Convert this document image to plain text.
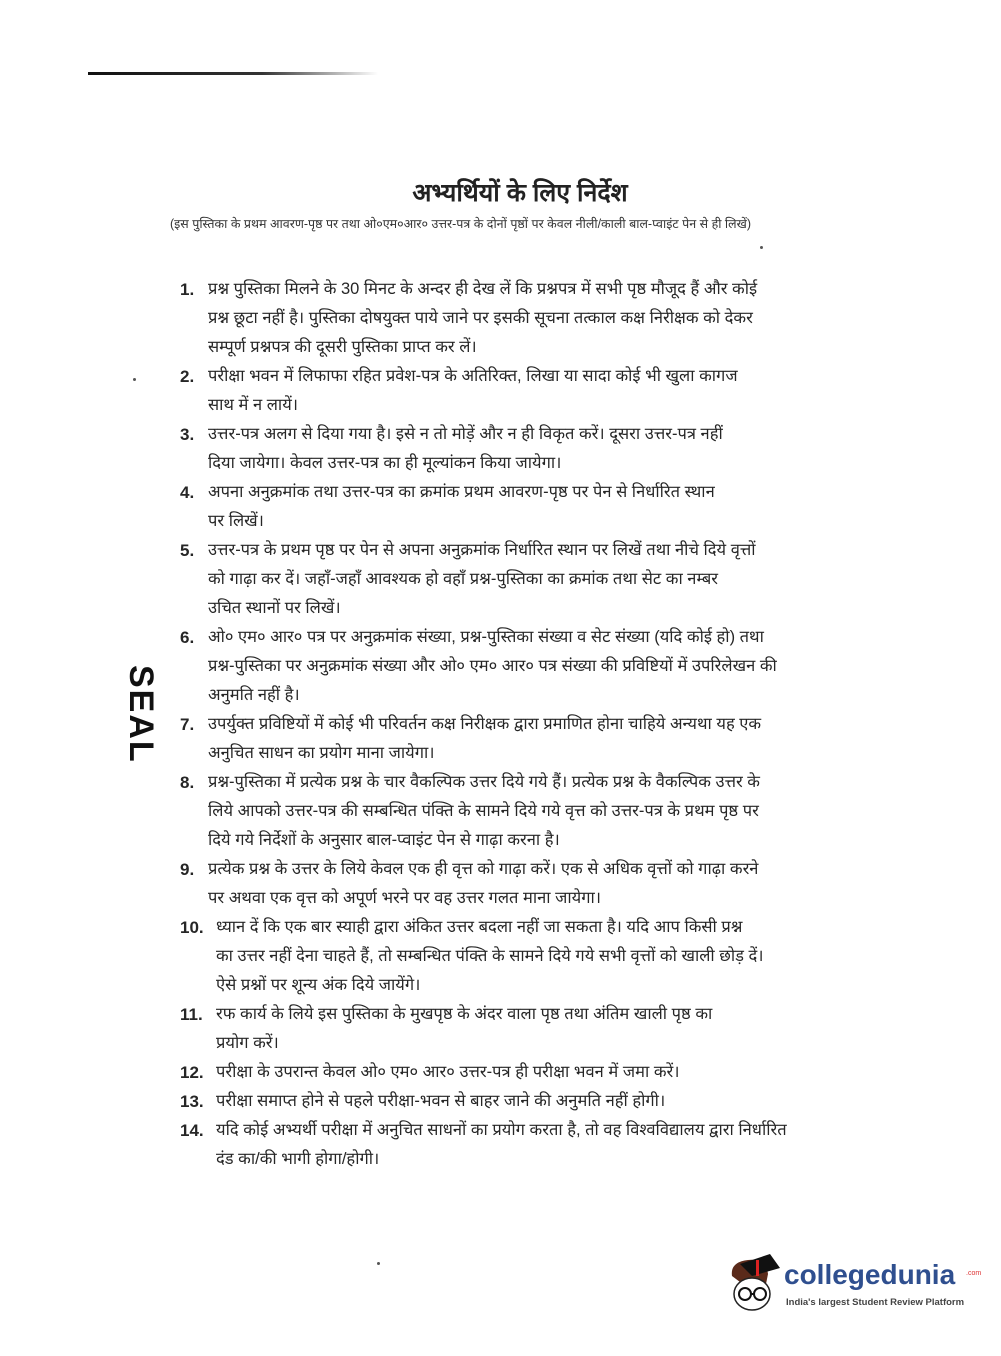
अभ्यर्थियों के लिए निर्देश
(इस पुस्तिका के प्रथम आवरण-पृष्ठ पर तथा ओ०एम०आर० उत्तर-पत्र के दोनों पृष्ठों पर केवल नीली/काली बाल-प्वाइंट पेन से ही लिखें)
1. प्रश्न पुस्तिका मिलने के 30 मिनट के अन्दर ही देख लें कि प्रश्नपत्र में सभी पृष्ठ मौजूद हैं और कोई
प्रश्न छूटा नहीं है। पुस्तिका दोषयुक्त पाये जाने पर इसकी सूचना तत्काल कक्ष निरीक्षक को देकर
सम्पूर्ण प्रश्नपत्र की दूसरी पुस्तिका प्राप्त कर लें।
2. परीक्षा भवन में लिफाफा रहित प्रवेश-पत्र के अतिरिक्त, लिखा या सादा कोई भी खुला कागज
साथ में न लायें।
3. उत्तर-पत्र अलग से दिया गया है। इसे न तो मोड़ें और न ही विकृत करें। दूसरा उत्तर-पत्र नहीं
दिया जायेगा। केवल उत्तर-पत्र का ही मूल्यांकन किया जायेगा।
4. अपना अनुक्रमांक तथा उत्तर-पत्र का क्रमांक प्रथम आवरण-पृष्ठ पर पेन से निर्धारित स्थान
पर लिखें।
5. उत्तर-पत्र के प्रथम पृष्ठ पर पेन से अपना अनुक्रमांक निर्धारित स्थान पर लिखें तथा नीचे दिये वृत्तों
को गाढ़ा कर दें। जहाँ-जहाँ आवश्यक हो वहाँ प्रश्न-पुस्तिका का क्रमांक तथा सेट का नम्बर
उचित स्थानों पर लिखें।
6. ओ० एम० आर० पत्र पर अनुक्रमांक संख्या, प्रश्न-पुस्तिका संख्या व सेट संख्या (यदि कोई हो) तथा
प्रश्न-पुस्तिका पर अनुक्रमांक संख्या और ओ० एम० आर० पत्र संख्या की प्रविष्टियों में उपरिलेखन की
अनुमति नहीं है।
7. उपर्युक्त प्रविष्टियों में कोई भी परिवर्तन कक्ष निरीक्षक द्वारा प्रमाणित होना चाहिये अन्यथा यह एक
अनुचित साधन का प्रयोग माना जायेगा।
8. प्रश्न-पुस्तिका में प्रत्येक प्रश्न के चार वैकल्पिक उत्तर दिये गये हैं। प्रत्येक प्रश्न के वैकल्पिक उत्तर के
लिये आपको उत्तर-पत्र की सम्बन्धित पंक्ति के सामने दिये गये वृत्त को उत्तर-पत्र के प्रथम पृष्ठ पर
दिये गये निर्देशों के अनुसार बाल-प्वाइंट पेन से गाढ़ा करना है।
9. प्रत्येक प्रश्न के उत्तर के लिये केवल एक ही वृत्त को गाढ़ा करें। एक से अधिक वृत्तों को गाढ़ा करने
पर अथवा एक वृत्त को अपूर्ण भरने पर वह उत्तर गलत माना जायेगा।
10. ध्यान दें कि एक बार स्याही द्वारा अंकित उत्तर बदला नहीं जा सकता है। यदि आप किसी प्रश्न
का उत्तर नहीं देना चाहते हैं, तो सम्बन्धित पंक्ति के सामने दिये गये सभी वृत्तों को खाली छोड़ दें।
ऐसे प्रश्नों पर शून्य अंक दिये जायेंगे।
11. रफ कार्य के लिये इस पुस्तिका के मुखपृष्ठ के अंदर वाला पृष्ठ तथा अंतिम खाली पृष्ठ का
प्रयोग करें।
12. परीक्षा के उपरान्त केवल ओ० एम० आर० उत्तर-पत्र ही परीक्षा भवन में जमा करें।
13. परीक्षा समाप्त होने से पहले परीक्षा-भवन से बाहर जाने की अनुमति नहीं होगी।
14. यदि कोई अभ्यर्थी परीक्षा में अनुचित साधनों का प्रयोग करता है, तो वह विश्वविद्यालय द्वारा निर्धारित
दंड का/की भागी होगा/होगी।
SEAL
collegedunia .com
India's largest Student Review Platform
